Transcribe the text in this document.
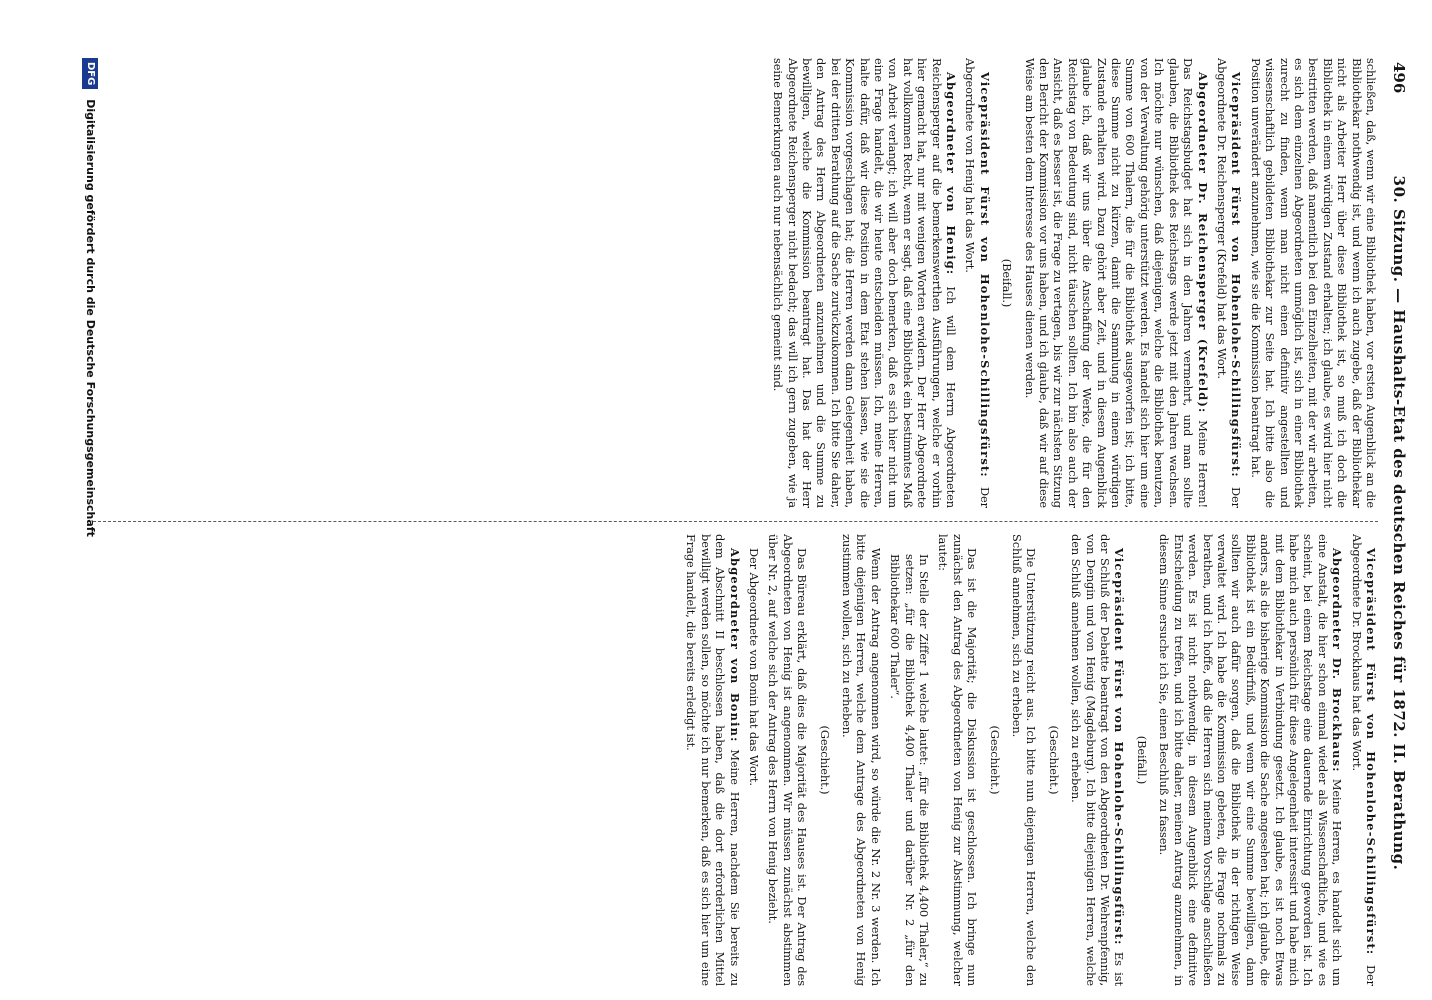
496
30. Sitzung. — Haushalts-Etat des deutschen Reiches für 1872. II. Berathung.

schließen, daß, wenn wir eine Bibliothek haben, vor ersten Augenblick an die Bibliothekar nothwendig ist, und wenn ich auch zugebe, daß der Bibliothekar nicht als Arbeiter Herr über diese Bibliothek ist, so muß ich doch die Bibliothek in einem würdigen Zustand erhalten; ich glaube, es wird hier nicht bestritten werden, daß namentlich bei den Einzelheiten, mit der wir arbeiten, es sich dem einzelnen Abgeordneten unmöglich ist, sich in einer Bibliothek zurecht zu finden, wenn man nicht einen definitiv angestellten und wissenschaftlich gebildeten Bibliothekar zur Seite hat. Ich bitte also die Position unverändert anzunehmen, wie sie die Kommission beantragt hat.

Vicepräsident Fürst von Hohenlohe-Schillingsfürst: Der Abgeordnete Dr. Reichensperger (Krefeld) hat das Wort.

Abgeordneter Dr. Reichensperger (Krefeld): Meine Herren! Das Reichstagsbudget hat sich in den Jahren vermehrt, und man sollte glauben, die Bibliothek des Reichstags werde jetzt mit den Jahren wachsen. Ich möchte nur wünschen, daß diejenigen, welche die Bibliothek benutzen, von der Verwaltung gehörig unterstützt werden. Es handelt sich hier um eine Summe von 600 Thalern, die für die Bibliothek ausgeworfen ist; ich bitte, diese Summe nicht zu kürzen, damit die Sammlung in einem würdigen Zustande erhalten wird. Dazu gehört aber Zeit, und in diesem Augenblick glaube ich, daß wir uns über die Anschaffung der Werke, die für den Reichstag von Bedeutung sind, nicht täuschen sollten. Ich bin also auch der Ansicht, daß es besser ist, die Frage zu vertagen, bis wir zur nächsten Sitzung den Bericht der Kommission vor uns haben, und ich glaube, daß wir auf diese Weise am besten dem Interesse des Hauses dienen werden.

(Beifall.)

Vicepräsident Fürst von Hohenlohe-Schillingsfürst: Der Abgeordnete von Henig hat das Wort.

Abgeordneter von Henig: Ich will dem Herrn Abgeordneten Reichensperger auf die bemerkenswerthen Ausführungen, welche er vorhin hier gemacht hat, nur mit wenigen Worten erwidern. Der Herr Abgeordnete hat vollkommen Recht, wenn er sagt, daß eine Bibliothek ein bestimmtes Maß von Arbeit verlangt; ich will aber doch bemerken, daß es sich hier nicht um eine Frage handelt, die wir heute entscheiden müssen. Ich, meine Herren, halte dafür, daß wir diese Position in dem Etat stehen lassen, wie sie die Kommission vorgeschlagen hat; die Herren werden dann Gelegenheit haben, bei der dritten Berathung auf die Sache zurückzukommen. Ich bitte Sie daher, den Antrag des Herrn Abgeordneten anzunehmen und die Summe zu bewilligen, welche die Kommission beantragt hat. Das hat der Herr Abgeordnete Reichensperger nicht bedacht; das will ich gern zugeben, wie ja seine Bemerkungen auch nur nebensächlich gemeint sind.

Vicepräsident Fürst von Hohenlohe-Schillingsfürst: Der Abgeordnete Dr. Brockhaus hat das Wort.

Abgeordneter Dr. Brockhaus: Meine Herren, es handelt sich um eine Anstalt, die hier schon einmal wieder als Wissenschaftliche, und wie es scheint, bei einem Reichstage eine dauernde Einrichtung geworden ist. Ich habe mich auch persönlich für diese Angelegenheit interessirt und habe mich mit dem Bibliothekar in Verbindung gesetzt. Ich glaube, es ist noch Etwas anders, als die bisherige Kommission die Sache angesehen hat; ich glaube, die Bibliothek ist ein Bedürfniß, und wenn wir eine Summe bewilligen, dann sollten wir auch dafür sorgen, daß die Bibliothek in der richtigen Weise verwaltet wird. Ich habe die Kommission gebeten, die Frage nochmals zu berathen, und ich hoffe, daß die Herren sich meinem Vorschlage anschließen werden. Es ist nicht nothwendig, in diesem Augenblick eine definitive Entscheidung zu treffen, und ich bitte daher, meinen Antrag anzunehmen, in diesem Sinne ersuche ich Sie, einen Beschluß zu fassen.

(Beifall.)

Vicepräsident Fürst von Hohenlohe-Schillingsfürst: Es ist der Schluß der Debatte beantragt von den Abgeordneten Dr. Wehrenpfennig, von Dengin und von Henig (Magdeburg). Ich bitte diejenigen Herren, welche den Schluß annehmen wollen, sich zu erheben.

(Geschieht.)

Die Unterstützung reicht aus. Ich bitte nun diejenigen Herren, welche den Schluß annehmen, sich zu erheben.

(Geschieht.)

Das ist die Majorität; die Diskussion ist geschlossen. Ich bringe nun zunächst den Antrag des Abgeordneten von Henig zur Abstimmung, welcher lautet:

In Stelle der Ziffer 1 welche lautet: „für die Bibliothek 4,400 Thaler,“ zu setzen: „für die Bibliothek 4,400 Thaler und darüber Nr. 2 „für den Bibliothekar 600 Thaler“.

Wenn der Antrag angenommen wird, so würde die Nr. 2 Nr. 3 werden. Ich bitte diejenigen Herren, welche dem Antrage des Abgeordneten von Henig zustimmen wollen, sich zu erheben.

(Geschieht.)

Das Büreau erklärt, daß dies die Majorität des Hauses ist. Der Antrag des Abgeordneten von Henig ist angenommen. Wir müssen zunächst abstimmen über Nr. 2, auf welche sich der Antrag des Herrn von Henig bezieht.

Der Abgeordnete von Bonin hat das Wort.

Abgeordneter von Bonin: Meine Herren, nachdem Sie bereits zu dem Abschnitt II beschlossen haben, daß die dort erforderlichen Mittel bewilligt werden sollen, so möchte ich nur bemerken, daß es sich hier um eine Frage handelt, die bereits erledigt ist.

DFG Digitalisierung gefördert durch die Deutsche Forschungsgemeinschaft
